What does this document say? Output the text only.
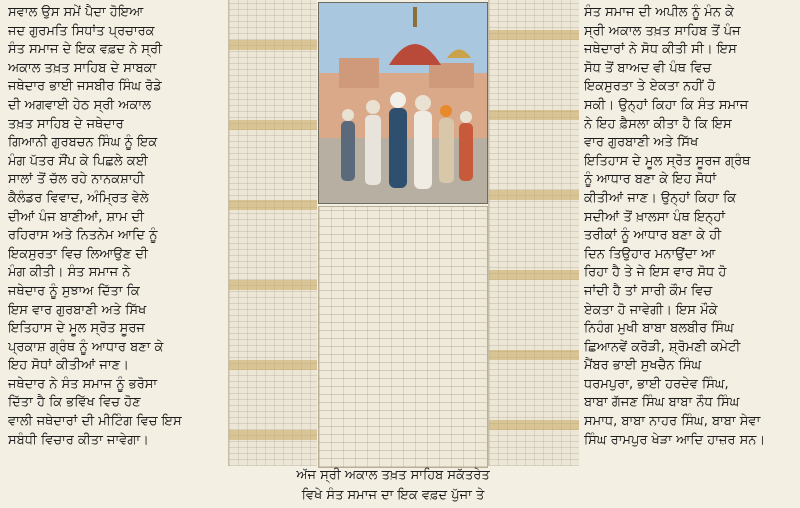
ਸਵਾਲ ਉਸ ਸਮੇਂ ਪੈਦਾ ਹੋਇਆ

ਜਦ ਗੁਰਮਤਿ ਸਿਧਾਂਤ ਪ੍ਰਚਾਰਕ

ਸੰਤ ਸਮਾਜ ਦੇ ਇਕ ਵਫ਼ਦ ਨੇ ਸ੍ਰੀ

ਅਕਾਲ ਤਖ਼ਤ ਸਾਹਿਬ ਦੇ ਸਾਬਕਾ

ਜਥੇਦਾਰ ਭਾਈ ਜਸਬੀਰ ਸਿੰਘ ਰੋਡੇ

ਦੀ ਅਗਵਾਈ ਹੇਠ ਸ੍ਰੀ ਅਕਾਲ

ਤਖ਼ਤ ਸਾਹਿਬ ਦੇ ਜਥੇਦਾਰ

ਗਿਆਨੀ ਗੁਰਬਚਨ ਸਿੰਘ ਨੂੰ ਇਕ

ਮੰਗ ਪੱਤਰ ਸੌਂਪ ਕੇ ਪਿਛਲੇ ਕਈ

ਸਾਲਾਂ ਤੋਂ ਚੱਲ ਰਹੇ ਨਾਨਕਸ਼ਾਹੀ

ਕੈਲੰਡਰ ਵਿਵਾਦ, ਅੰਮ੍ਰਿਤ ਵੇਲੇ

ਦੀਆਂ ਪੰਜ ਬਾਣੀਆਂ, ਸ਼ਾਮ ਦੀ

ਰਹਿਰਾਸ ਅਤੇ ਨਿਤਨੇਮ ਆਦਿ ਨੂੰ

ਇਕਸੁਰਤਾ ਵਿਚ ਲਿਆਉਣ ਦੀ

ਮੰਗ ਕੀਤੀ। ਸੰਤ ਸਮਾਜ ਨੇ

ਜਥੇਦਾਰ ਨੂੰ ਸੁਝਾਅ ਦਿੱਤਾ ਕਿ

ਇਸ ਵਾਰ ਗੁਰਬਾਣੀ ਅਤੇ ਸਿੱਖ

ਇਤਿਹਾਸ ਦੇ ਮੂਲ ਸ੍ਰੋਤ ਸੂਰਜ

ਪ੍ਰਕਾਸ਼ ਗ੍ਰੰਥ ਨੂੰ ਆਧਾਰ ਬਣਾ ਕੇ

ਇਹ ਸੋਧਾਂ ਕੀਤੀਆਂ ਜਾਣ।

ਜਥੇਦਾਰ ਨੇ ਸੰਤ ਸਮਾਜ ਨੂੰ ਭਰੋਸਾ

ਦਿੱਤਾ ਹੈ ਕਿ ਭਵਿੱਖ ਵਿਚ ਹੋਣ

ਵਾਲੀ ਜਥੇਦਾਰਾਂ ਦੀ ਮੀਟਿੰਗ ਵਿਚ ਇਸ

ਸਬੰਧੀ ਵਿਚਾਰ ਕੀਤਾ ਜਾਵੇਗਾ।

ਸੰਤ ਸਮਾਜ ਦੀ ਅਪੀਲ ਨੂੰ ਮੰਨ ਕੇ

ਸ੍ਰੀ ਅਕਾਲ ਤਖ਼ਤ ਸਾਹਿਬ ਤੋਂ ਪੰਜ

ਜਥੇਦਾਰਾਂ ਨੇ ਸੋਧ ਕੀਤੀ ਸੀ। ਇਸ

ਸੋਧ ਤੋਂ ਬਾਅਦ ਵੀ ਪੰਥ ਵਿਚ

ਇਕਸੁਰਤਾ ਤੇ ਏਕਤਾ ਨਹੀਂ ਹੋ

ਸਕੀ। ਉਨ੍ਹਾਂ ਕਿਹਾ ਕਿ ਸੰਤ ਸਮਾਜ

ਨੇ ਇਹ ਫ਼ੈਸਲਾ ਕੀਤਾ ਹੈ ਕਿ ਇਸ

ਵਾਰ ਗੁਰਬਾਣੀ ਅਤੇ ਸਿੱਖ

ਇਤਿਹਾਸ ਦੇ ਮੂਲ ਸ੍ਰੋਤ ਸੂਰਜ ਗ੍ਰੰਥ

ਨੂੰ ਆਧਾਰ ਬਣਾ ਕੇ ਇਹ ਸੋਧਾਂ

ਕੀਤੀਆਂ ਜਾਣ। ਉਨ੍ਹਾਂ ਕਿਹਾ ਕਿ

ਸਦੀਆਂ ਤੋਂ ਖ਼ਾਲਸਾ ਪੰਥ ਇਨ੍ਹਾਂ

ਤਰੀਕਾਂ ਨੂੰ ਆਧਾਰ ਬਣਾ ਕੇ ਹੀ

ਦਿਨ ਤਿਉਹਾਰ ਮਨਾਉਂਦਾ ਆ

ਰਿਹਾ ਹੈ ਤੇ ਜੇ ਇਸ ਵਾਰ ਸੋਧ ਹੋ

ਜਾਂਦੀ ਹੈ ਤਾਂ ਸਾਰੀ ਕੌਮ ਵਿਚ

ਏਕਤਾ ਹੋ ਜਾਵੇਗੀ। ਇਸ ਮੌਕੇ

ਨਿਹੰਗ ਮੁਖੀ ਬਾਬਾ ਬਲਬੀਰ ਸਿੰਘ

ਛਿਆਨਵੇਂ ਕਰੋੜੀ, ਸ਼੍ਰੋਮਣੀ ਕਮੇਟੀ

ਮੈਂਬਰ ਭਾਈ ਸੁਖਚੈਨ ਸਿੰਘ

ਧਰਮਪੁਰਾ, ਭਾਈ ਹਰਦੇਵ ਸਿੰਘ,

ਬਾਬਾ ਗੱਜਣ ਸਿੰਘ ਬਾਬਾ ਨੌਧ ਸਿੰਘ

ਸਮਾਧ, ਬਾਬਾ ਨਾਹਰ ਸਿੰਘ, ਬਾਬਾ ਸੇਵਾ

ਸਿੰਘ ਰਾਮਪੁਰ ਖੇੜਾ ਆਦਿ ਹਾਜ਼ਰ ਸਨ।

ਅੱਜ ਸ੍ਰੀ ਅਕਾਲ ਤਖ਼ਤ ਸਾਹਿਬ ਸਕੱਤਰੇਤ

ਵਿਖੇ ਸੰਤ ਸਮਾਜ ਦਾ ਇਕ ਵਫ਼ਦ ਪੁੱਜਾ ਤੇ
